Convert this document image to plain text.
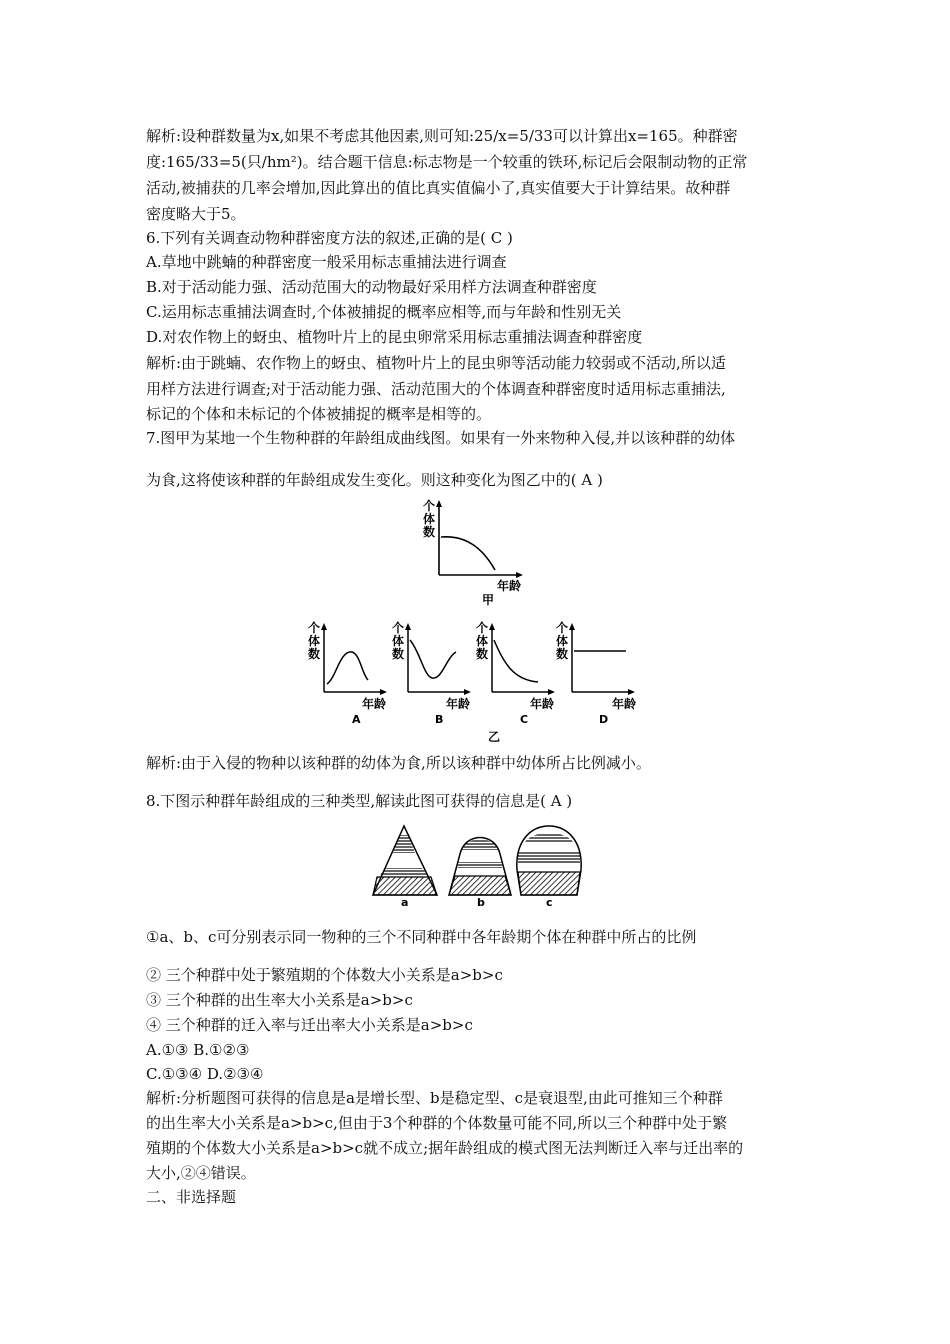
解析:设种群数量为x,如果不考虑其他因素,则可知:25/x=5/33可以计算出x=165。种群密
度:165/33=5(只/hm²)。结合题干信息:标志物是一个较重的铁环,标记后会限制动物的正常
活动,被捕获的几率会增加,因此算出的值比真实值偏小了,真实值要大于计算结果。故种群
密度略大于5。
6.下列有关调查动物种群密度方法的叙述,正确的是( C )
A.草地中跳蝻的种群密度一般采用标志重捕法进行调查
B.对于活动能力强、活动范围大的动物最好采用样方法调查种群密度
C.运用标志重捕法调查时,个体被捕捉的概率应相等,而与年龄和性别无关
D.对农作物上的蚜虫、植物叶片上的昆虫卵常采用标志重捕法调查种群密度
解析:由于跳蝻、农作物上的蚜虫、植物叶片上的昆虫卵等活动能力较弱或不活动,所以适
用样方法进行调查;对于活动能力强、活动范围大的个体调查种群密度时适用标志重捕法,
标记的个体和未标记的个体被捕捉的概率是相等的。
7.图甲为某地一个生物种群的年龄组成曲线图。如果有一外来物种入侵,并以该种群的幼体
为食,这将使该种群的年龄组成发生变化。则这种变化为图乙中的( A )
个
体
数
年龄
甲
个
体
数
年龄
A
个
体
数
年龄
B
个
体
数
年龄
C
个
体
数
年龄
D
乙
解析:由于入侵的物种以该种群的幼体为食,所以该种群中幼体所占比例减小。
8.下图示种群年龄组成的三种类型,解读此图可获得的信息是( A )
a	b	c
①a、b、c可分别表示同一物种的三个不同种群中各年龄期个体在种群中所占的比例
② 三个种群中处于繁殖期的个体数大小关系是a>b>c
③ 三个种群的出生率大小关系是a>b>c
④ 三个种群的迁入率与迁出率大小关系是a>b>c
A.①③ B.①②③
C.①③④ D.②③④
解析:分析题图可获得的信息是a是增长型、b是稳定型、c是衰退型,由此可推知三个种群
的出生率大小关系是a>b>c,但由于3个种群的个体数量可能不同,所以三个种群中处于繁
殖期的个体数大小关系是a>b>c就不成立;据年龄组成的模式图无法判断迁入率与迁出率的
大小,②④错误。
二、非选择题
